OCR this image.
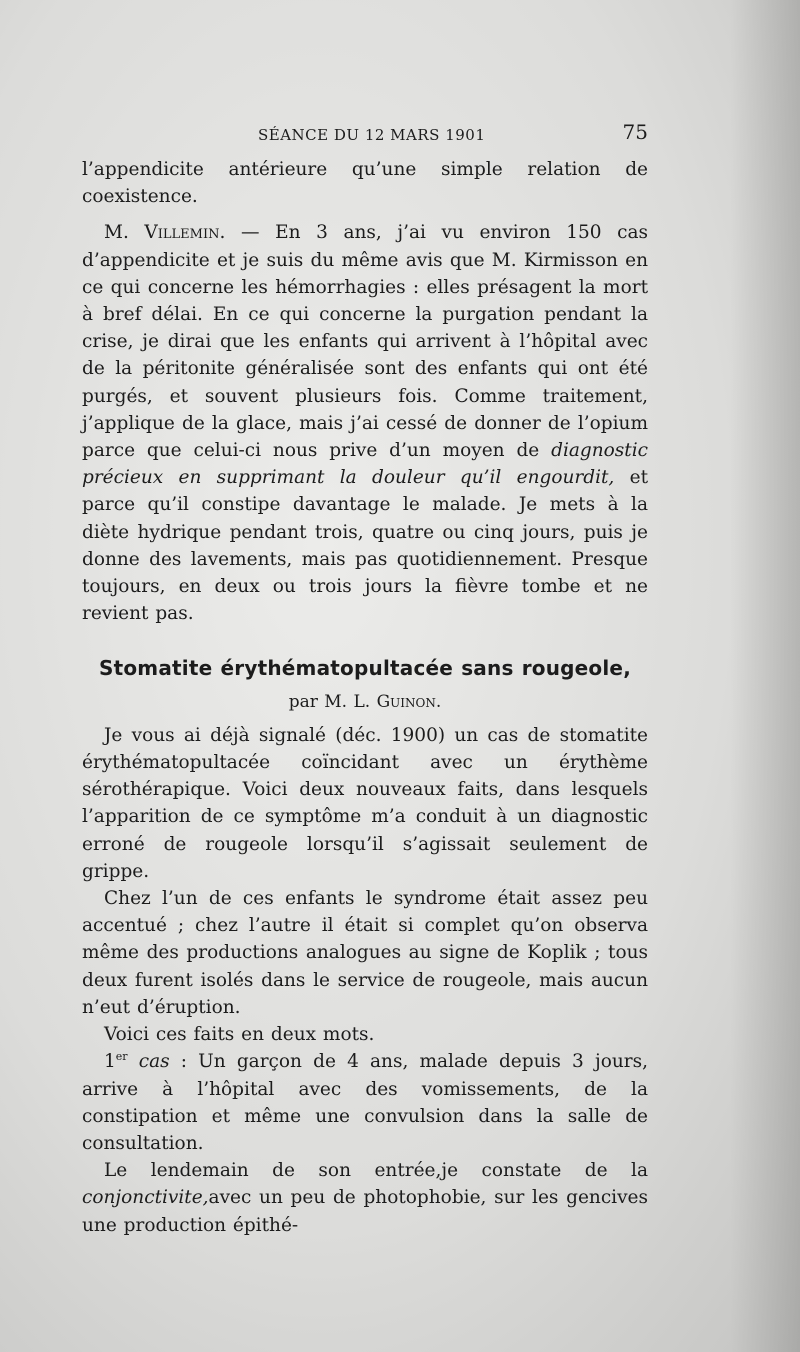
SÉANCE DU 12 MARS 1901	75

l’appendicite antérieure qu’une simple relation de coexistence.

M. Villemin. — En 3 ans, j’ai vu environ 150 cas d’appendicite et je suis du même avis que M. Kirmisson en ce qui concerne les hémorrhagies : elles présagent la mort à bref délai. En ce qui concerne la purgation pendant la crise, je dirai que les enfants qui arrivent à l’hôpital avec de la péritonite généralisée sont des enfants qui ont été purgés, et souvent plusieurs fois. Comme traitement, j’applique de la glace, mais j’ai cessé de donner de l’opium parce que celui-ci nous prive d’un moyen de diagnostic précieux en supprimant la douleur qu’il engourdit, et parce qu’il constipe davantage le malade. Je mets à la diète hydrique pendant trois, quatre ou cinq jours, puis je donne des lavements, mais pas quotidiennement. Presque toujours, en deux ou trois jours la fièvre tombe et ne revient pas.

Stomatite érythématopultacée sans rougeole,
par M. L. Guinon.

Je vous ai déjà signalé (déc. 1900) un cas de stomatite érythématopultacée coïncidant avec un érythème sérothérapique. Voici deux nouveaux faits, dans lesquels l’apparition de ce symptôme m’a conduit à un diagnostic erroné de rougeole lorsqu’il s’agissait seulement de grippe.

Chez l’un de ces enfants le syndrome était assez peu accentué ; chez l’autre il était si complet qu’on observa même des productions analogues au signe de Koplik ; tous deux furent isolés dans le service de rougeole, mais aucun n’eut d’éruption.

Voici ces faits en deux mots.

1er cas : Un garçon de 4 ans, malade depuis 3 jours, arrive à l’hôpital avec des vomissements, de la constipation et même une convulsion dans la salle de consultation.

Le lendemain de son entrée,je constate de la conjonctivite,avec un peu de photophobie, sur les gencives une production épithé-
